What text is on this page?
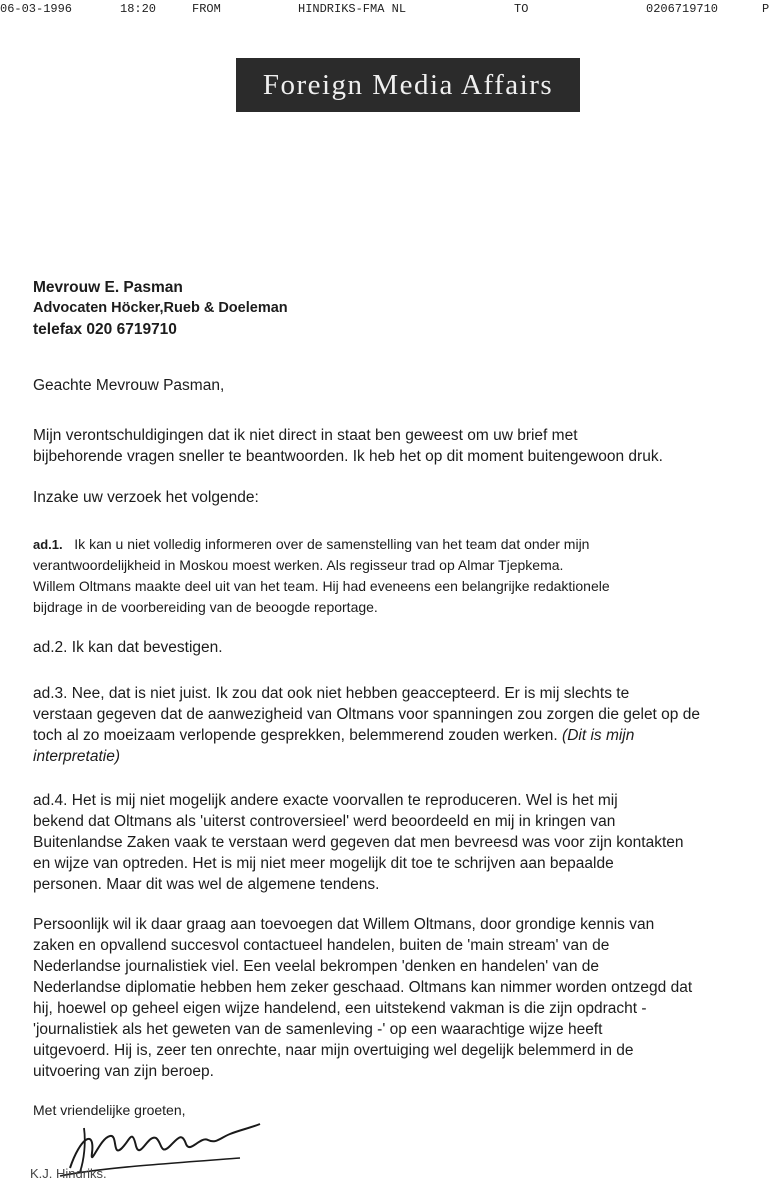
06-03-1996	18:20	FROM	HINDRIKS-FMA NL	TO	0206719710	P
Foreign Media Affairs
Mevrouw E. Pasman
Advocaten Höcker,Rueb & Doeleman
telefax 020 6719710
Geachte Mevrouw Pasman,
Mijn verontschuldigingen dat ik niet direct in staat ben geweest om uw brief met
bijbehorende vragen sneller te beantwoorden. Ik heb het op dit moment buitengewoon druk.
Inzake uw verzoek het volgende:
ad.1. Ik kan u niet volledig informeren over de samenstelling van het team dat onder mijn
verantwoordelijkheid in Moskou moest werken. Als regisseur trad op Almar Tjepkema.
Willem Oltmans maakte deel uit van het team. Hij had eveneens een belangrijke redaktionele
bijdrage in de voorbereiding van de beoogde reportage.
ad.2. Ik kan dat bevestigen.
ad.3. Nee, dat is niet juist. Ik zou dat ook niet hebben geaccepteerd. Er is mij slechts te
verstaan gegeven dat de aanwezigheid van Oltmans voor spanningen zou zorgen die gelet op de
toch al zo moeizaam verlopende gesprekken, belemmerend zouden werken. (Dit is mijn
interpretatie)
ad.4. Het is mij niet mogelijk andere exacte voorvallen te reproduceren. Wel is het mij
bekend dat Oltmans als 'uiterst controversieel' werd beoordeeld en mij in kringen van
Buitenlandse Zaken vaak te verstaan werd gegeven dat men bevreesd was voor zijn kontakten
en wijze van optreden. Het is mij niet meer mogelijk dit toe te schrijven aan bepaalde
personen. Maar dit was wel de algemene tendens.
Persoonlijk wil ik daar graag aan toevoegen dat Willem Oltmans, door grondige kennis van
zaken en opvallend succesvol contactueel handelen, buiten de 'main stream' van de
Nederlandse journalistiek viel. Een veelal bekrompen 'denken en handelen' van de
Nederlandse diplomatie hebben hem zeker geschaad. Oltmans kan nimmer worden ontzegd dat
hij, hoewel op geheel eigen wijze handelend, een uitstekend vakman is die zijn opdracht -
'journalistiek als het geweten van de samenleving -' op een waarachtige wijze heeft
uitgevoerd. Hij is, zeer ten onrechte, naar mijn overtuiging wel degelijk belemmerd in de
uitvoering van zijn beroep.
Met vriendelijke groeten,
K.J. Hindriks.
